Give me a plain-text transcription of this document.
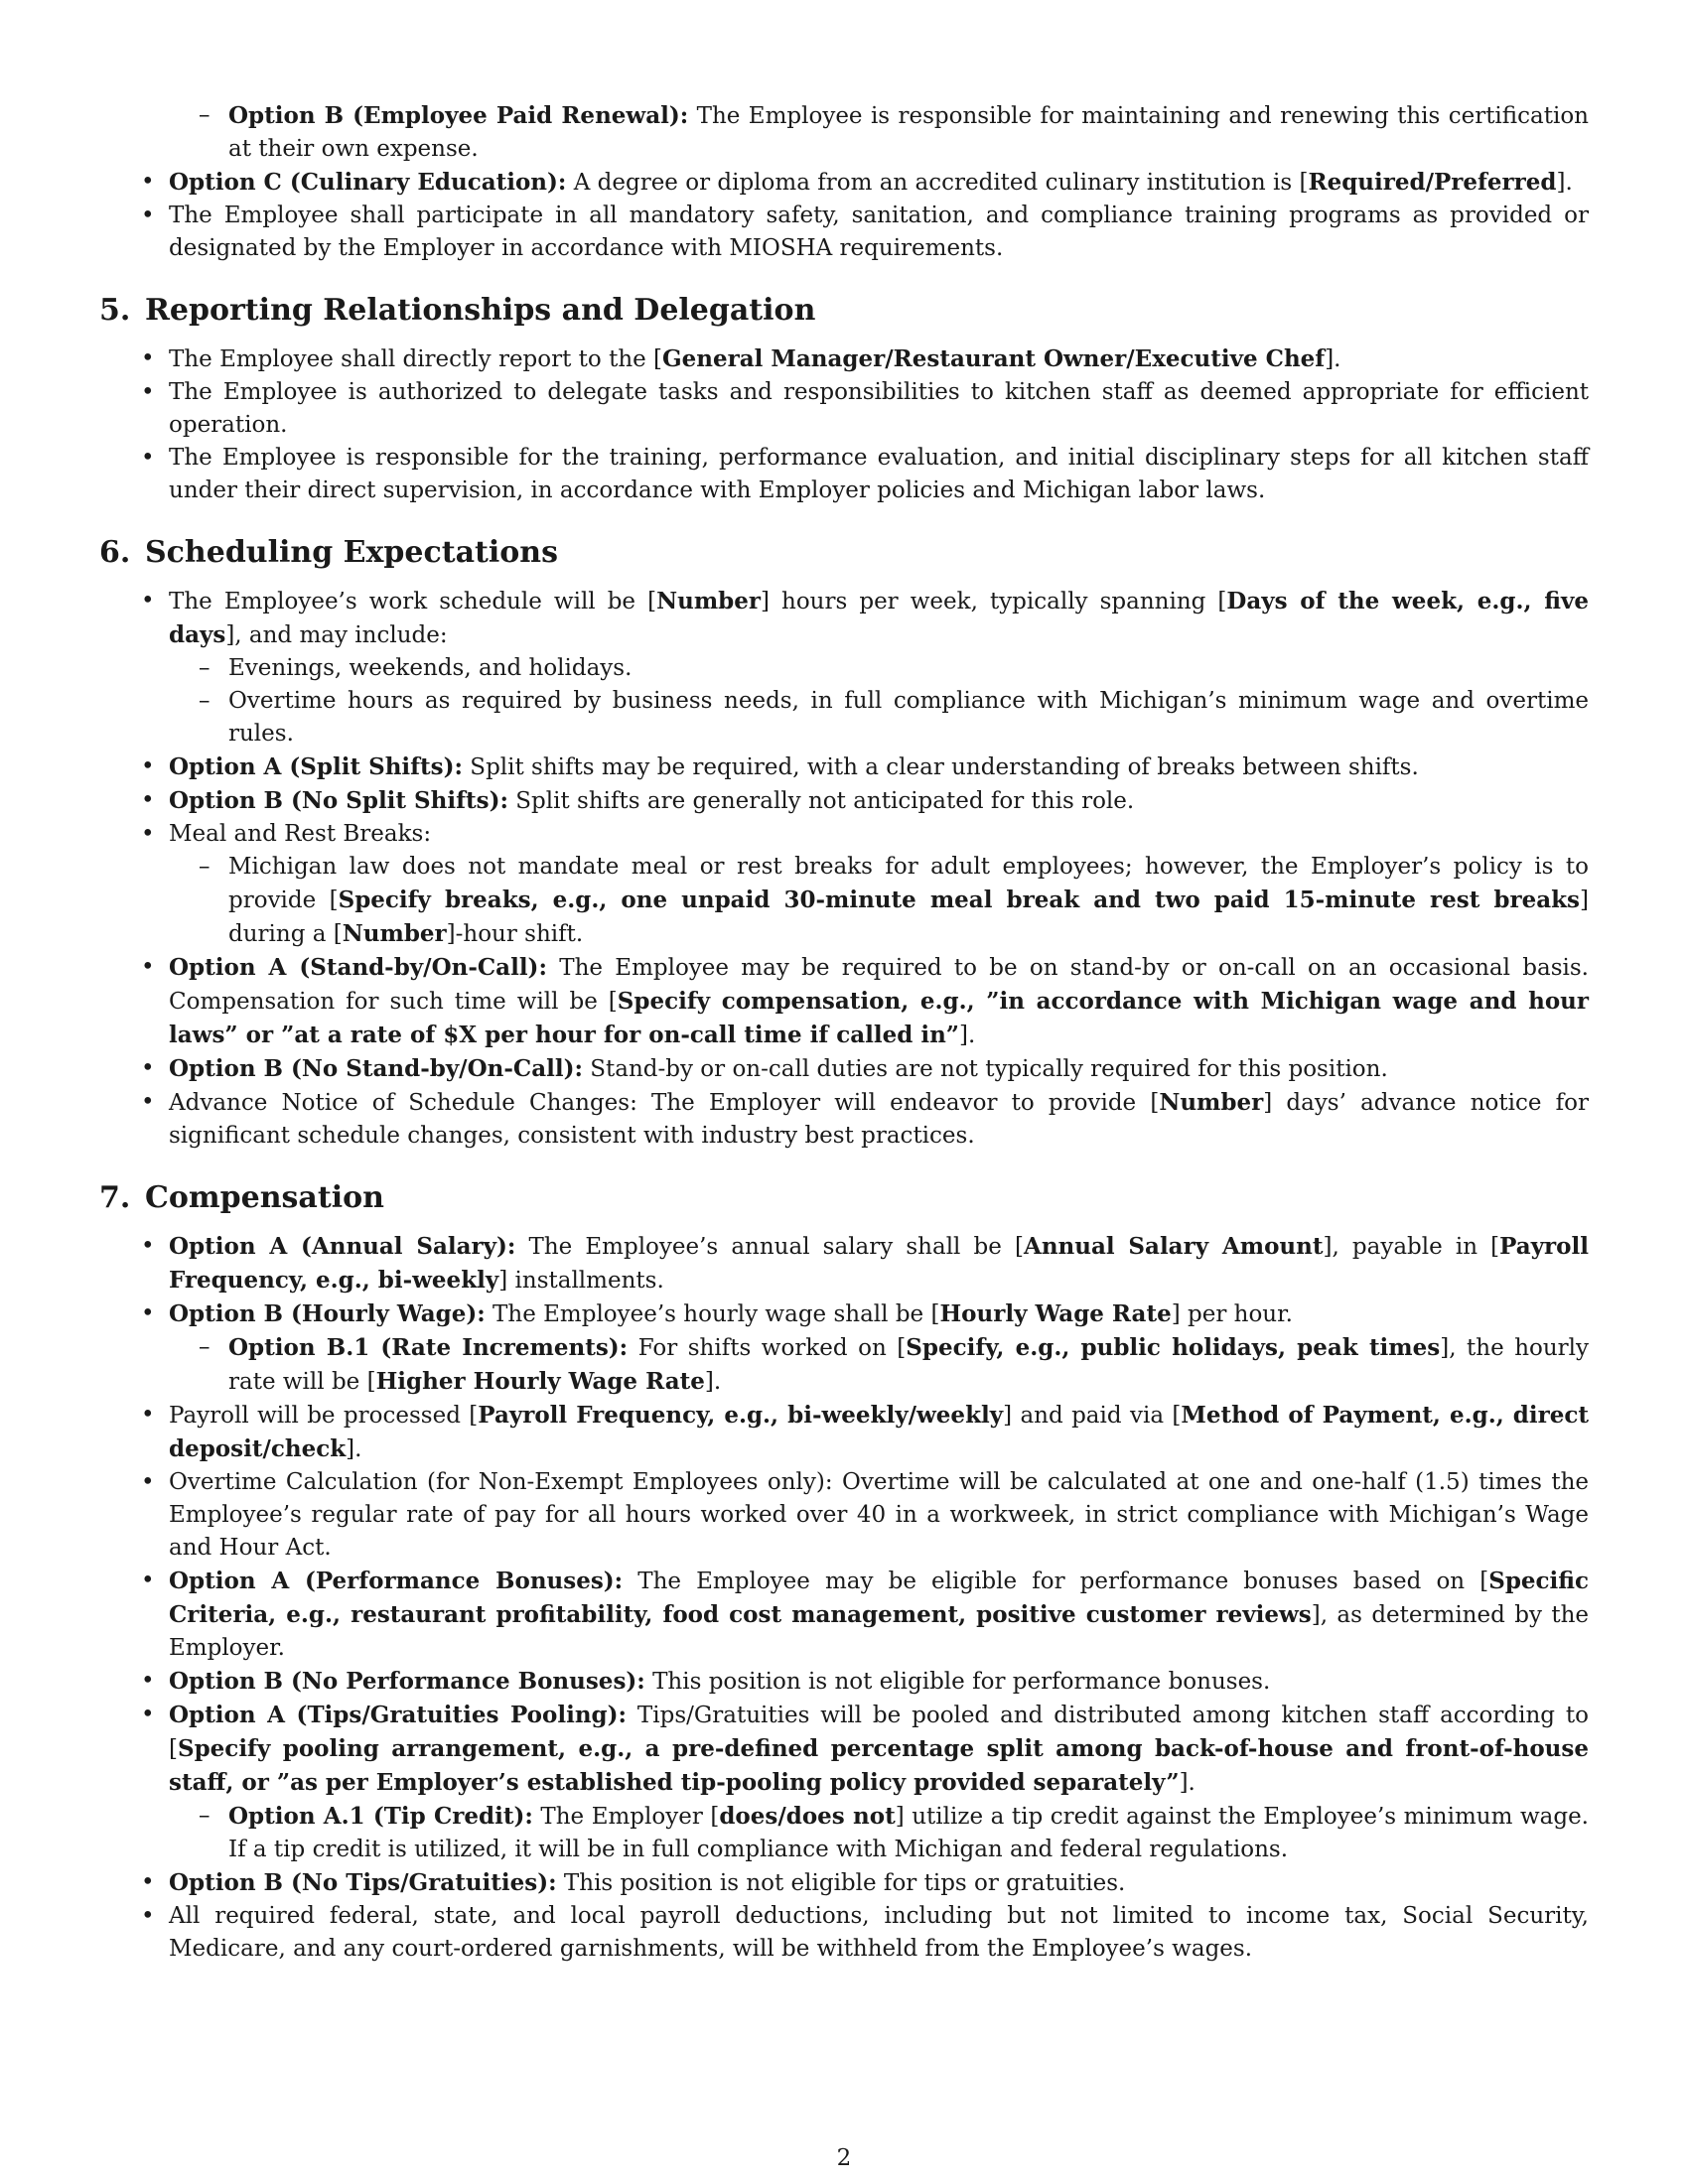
– Option B (Employee Paid Renewal): The Employee is responsible for maintaining and renewing this certification at their own expense.
• Option C (Culinary Education): A degree or diploma from an accredited culinary institution is [Required/Preferred].
• The Employee shall participate in all mandatory safety, sanitation, and compliance training programs as provided or designated by the Employer in accordance with MIOSHA requirements.
5. Reporting Relationships and Delegation
• The Employee shall directly report to the [General Manager/Restaurant Owner/Executive Chef].
• The Employee is authorized to delegate tasks and responsibilities to kitchen staff as deemed appropriate for efficient operation.
• The Employee is responsible for the training, performance evaluation, and initial disciplinary steps for all kitchen staff under their direct supervision, in accordance with Employer policies and Michigan labor laws.
6. Scheduling Expectations
• The Employee’s work schedule will be [Number] hours per week, typically spanning [Days of the week, e.g., five days], and may include:
– Evenings, weekends, and holidays.
– Overtime hours as required by business needs, in full compliance with Michigan’s minimum wage and overtime rules.
• Option A (Split Shifts): Split shifts may be required, with a clear understanding of breaks between shifts.
• Option B (No Split Shifts): Split shifts are generally not anticipated for this role.
• Meal and Rest Breaks:
– Michigan law does not mandate meal or rest breaks for adult employees; however, the Employer’s policy is to provide [Specify breaks, e.g., one unpaid 30-minute meal break and two paid 15-minute rest breaks] during a [Number]-hour shift.
• Option A (Stand-by/On-Call): The Employee may be required to be on stand-by or on-call on an occasional basis. Compensation for such time will be [Specify compensation, e.g., ”in accordance with Michigan wage and hour laws” or ”at a rate of $X per hour for on-call time if called in”].
• Option B (No Stand-by/On-Call): Stand-by or on-call duties are not typically required for this position.
• Advance Notice of Schedule Changes: The Employer will endeavor to provide [Number] days’ advance notice for significant schedule changes, consistent with industry best practices.
7. Compensation
• Option A (Annual Salary): The Employee’s annual salary shall be [Annual Salary Amount], payable in [Payroll Frequency, e.g., bi-weekly] installments.
• Option B (Hourly Wage): The Employee’s hourly wage shall be [Hourly Wage Rate] per hour.
– Option B.1 (Rate Increments): For shifts worked on [Specify, e.g., public holidays, peak times], the hourly rate will be [Higher Hourly Wage Rate].
• Payroll will be processed [Payroll Frequency, e.g., bi-weekly/weekly] and paid via [Method of Payment, e.g., direct deposit/check].
• Overtime Calculation (for Non-Exempt Employees only): Overtime will be calculated at one and one-half (1.5) times the Employee’s regular rate of pay for all hours worked over 40 in a workweek, in strict compliance with Michigan’s Wage and Hour Act.
• Option A (Performance Bonuses): The Employee may be eligible for performance bonuses based on [Specific Criteria, e.g., restaurant profitability, food cost management, positive customer reviews], as determined by the Employer.
• Option B (No Performance Bonuses): This position is not eligible for performance bonuses.
• Option A (Tips/Gratuities Pooling): Tips/Gratuities will be pooled and distributed among kitchen staff according to [Specify pooling arrangement, e.g., a pre-defined percentage split among back-of-house and front-of-house staff, or ”as per Employer’s established tip-pooling policy provided separately”].
– Option A.1 (Tip Credit): The Employer [does/does not] utilize a tip credit against the Employee’s minimum wage. If a tip credit is utilized, it will be in full compliance with Michigan and federal regulations.
• Option B (No Tips/Gratuities): This position is not eligible for tips or gratuities.
• All required federal, state, and local payroll deductions, including but not limited to income tax, Social Security, Medicare, and any court-ordered garnishments, will be withheld from the Employee’s wages.
2
